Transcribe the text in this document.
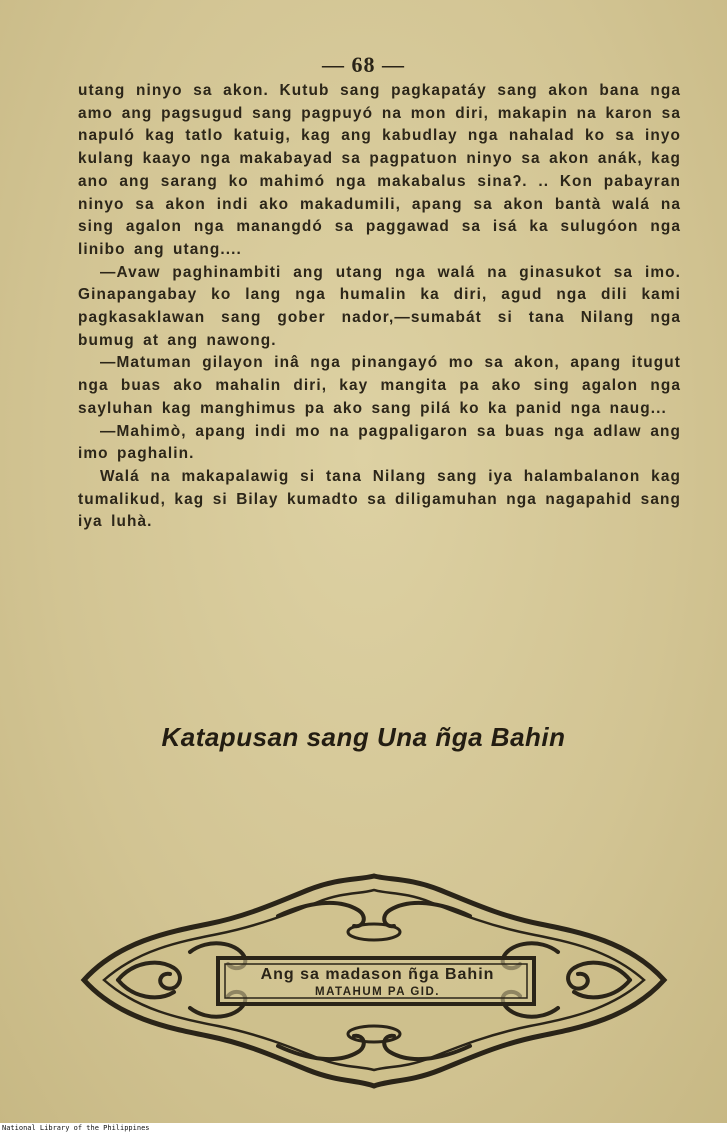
— 68 —

utang ninyo sa akon. Kutub sang pagkapatáy sang akon bana nga amo ang pagsugud sang pagpuyó na mon diri, makapin na karon sa napuló kag tatlo katuig, kag ang kabudlay nga nahalad ko sa inyo kulang kaayo nga makabayad sa pagpatuon ninyo sa akon anák, kag ano ang sarang ko mahimó nga makabalus sinaʔ. .. Kon pabayran ninyo sa akon indi ako makadumili, apang sa akon bantà walá na sing agalon nga manangdó sa paggawad sa isá ka sulugóon nga linibo ang utang....

—Avaw paghinambiti ang utang nga walá na ginasukot sa imo. Ginapangabay ko lang nga humalin ka diri, agud nga dili kami pagkasaklawan sang gober nador,—sumabát si tana Nilang nga bumug at ang nawong.

—Matuman gilayon inâ nga pinangayó mo sa akon, apang itugut nga buas ako mahalin diri, kay mangita pa ako sing agalon nga sayluhan kag manghimus pa ako sang pilá ko ka panid nga naug...

—Mahimò, apang indi mo na pagpaligaron sa buas nga adlaw ang imo paghalin.

Walá na makapalawig si tana Nilang sang iya halambalanon kag tumalikud, kag si Bilay kumadto sa diligamuhan nga nagapahid sang iya luhà.

Katapusan sang Una ñga Bahin
Ang sa madason ñga Bahin
MATAHUM PA GID.
National Library of the Philippines
